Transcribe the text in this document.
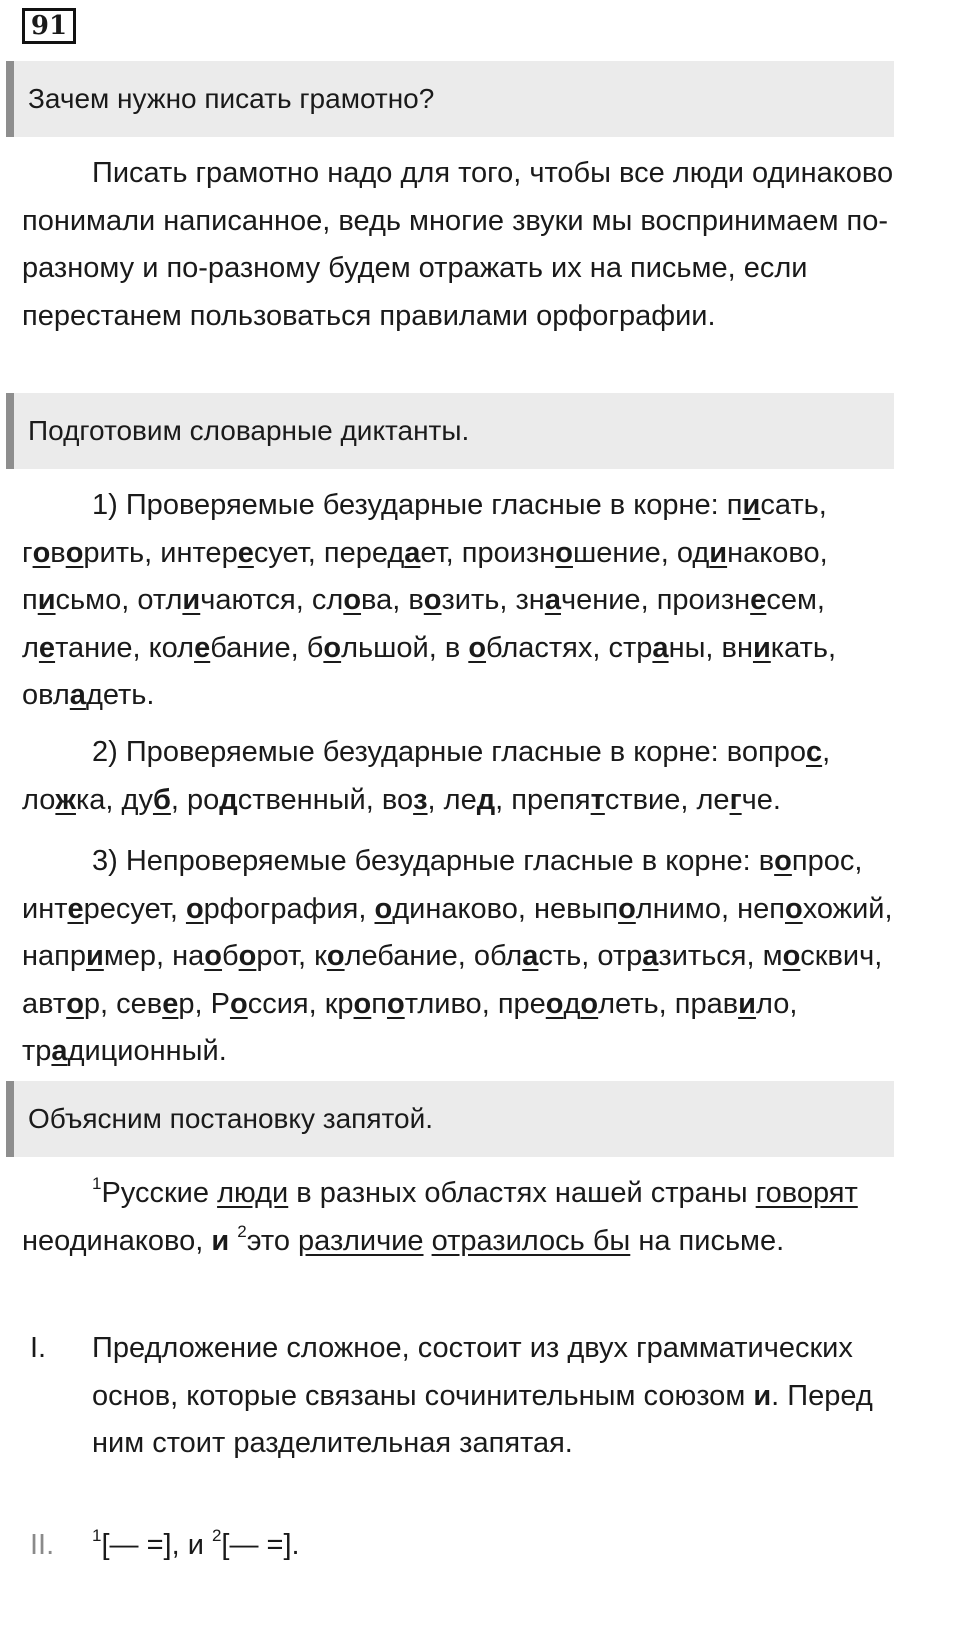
91
Зачем нужно писать грамотно?

Писать грамотно надо для того, чтобы все люди одинаково понимали написанное, ведь многие звуки мы воспринимаем по-разному и по-разному будем отражать их на письме, если перестанем пользоваться правилами орфографии.

Подготовим словарные диктанты.

1) Проверяемые безударные гласные в корне: писать, говорить, интересует, передает, произношение, одинаково, письмо, отличаются, слова, возить, значение, произнесем, летание, колебание, большой, в областях, страны, вникать, овладеть.

2) Проверяемые безударные гласные в корне: вопрос, ложка, дуб, родственный, воз, лед, препятствие, легче.

3) Непроверяемые безударные гласные в корне: вопрос, интересует, орфография, одинаково, невыполнимо, непохожий, например, наоборот, колебание, область, отразиться, москвич, автор, север, Россия, кропотливо, преодолеть, правило, традиционный.

Объясним постановку запятой.

$^1$Русские люди в разных областях нашей страны говорят неодинаково, и $^2$это различие отразилось бы на письме.

I. Предложение сложное, состоит из двух грамматических основ, которые связаны сочинительным союзом и. Перед ним стоит разделительная запятая.

II. $^1$[— =], и $^2$[— =].
